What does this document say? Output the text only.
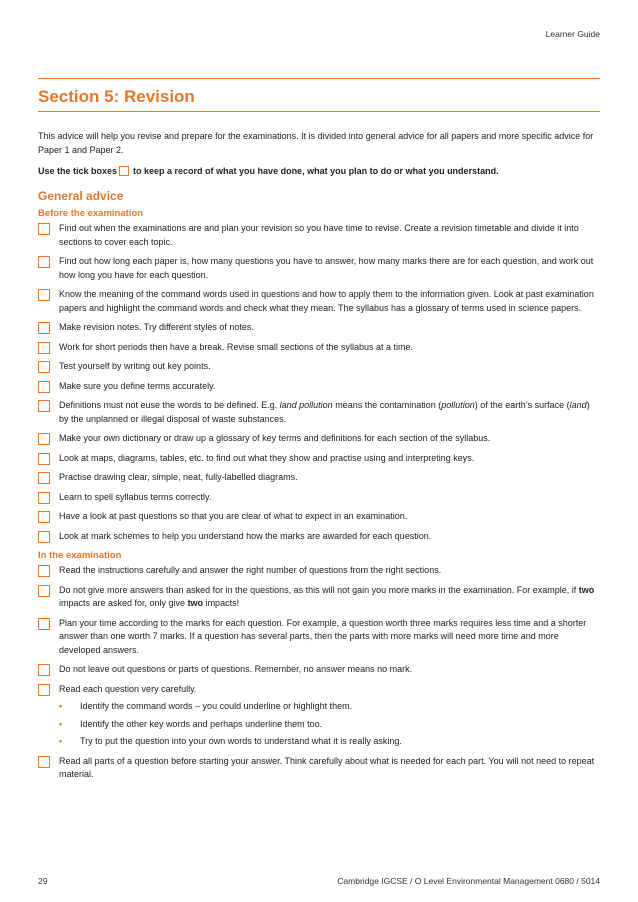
Learner Guide
Section 5: Revision

This advice will help you revise and prepare for the examinations. It is divided into general advice for all papers and more specific advice for Paper 1 and Paper 2.

Use the tick boxes to keep a record of what you have done, what you plan to do or what you understand.

General advice
Before the examination
Find out when the examinations are and plan your revision so you have time to revise. Create a revision timetable and divide it into sections to cover each topic.
Find out how long each paper is, how many questions you have to answer, how many marks there are for each question, and work out how long you have for each question.
Know the meaning of the command words used in questions and how to apply them to the information given. Look at past examination papers and highlight the command words and check what they mean. The syllabus has a glossary of terms used in science papers.
Make revision notes. Try different styles of notes.
Work for short periods then have a break. Revise small sections of the syllabus at a time.
Test yourself by writing out key points.
Make sure you define terms accurately.
Definitions must not euse the words to be defined. E.g. land pollution means the contamination (pollution) of the earth’s surface (land) by the unplanned or illegal disposal of waste substances.
Make your own dictionary or draw up a glossary of key terms and definitions for each section of the syllabus.
Look at maps, diagrams, tables, etc. to find out what they show and practise using and interpreting keys.
Practise drawing clear, simple, neat, fully-labelled diagrams.
Learn to spell syllabus terms correctly.
Have a look at past questions so that you are clear of what to expect in an examination.
Look at mark schemes to help you understand how the marks are awarded for each question.
In the examination
Read the instructions carefully and answer the right number of questions from the right sections.
Do not give more answers than asked for in the questions, as this will not gain you more marks in the examination. For example, if two impacts are asked for, only give two impacts!
Plan your time according to the marks for each question. For example, a question worth three marks requires less time and a shorter answer than one worth 7 marks. If a question has several parts, then the parts with more marks will need more time and more developed answers.
Do not leave out questions or parts of questions. Remember, no answer means no mark.
Read each question very carefully.
• Identify the command words – you could underline or highlight them.
• Identify the other key words and perhaps underline them too.
• Try to put the question into your own words to understand what it is really asking.
Read all parts of a question before starting your answer. Think carefully about what is needed for each part. You will not need to repeat material.
29	Cambridge IGCSE / O Level Environmental Management 0680 / 5014
